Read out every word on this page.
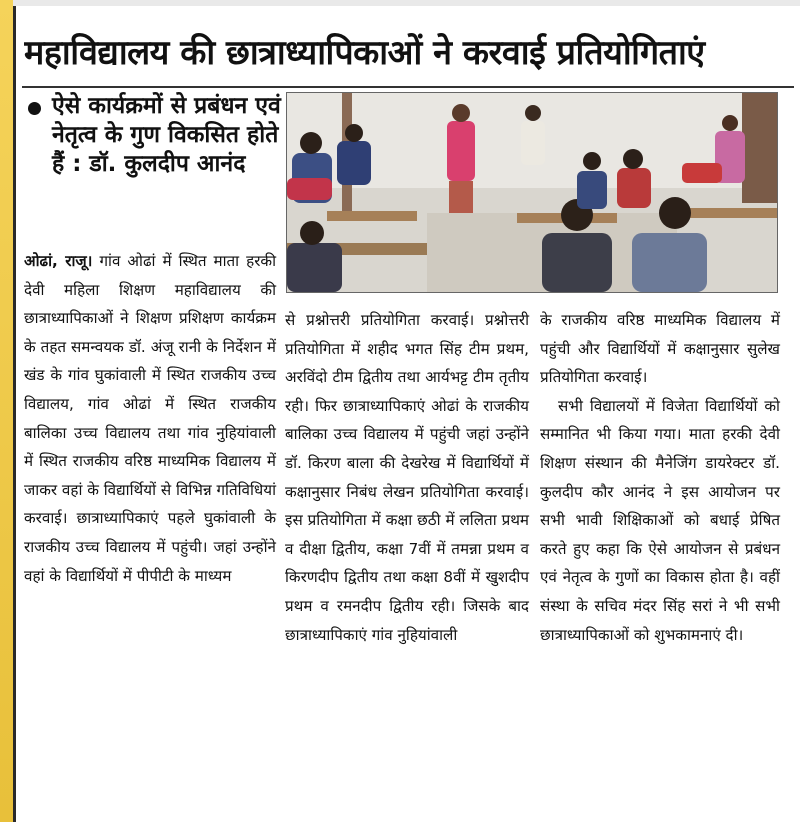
महाविद्यालय की छात्राध्यापिकाओं ने करवाई प्रतियोगिताएं
ऐसे कार्यक्रमों से प्रबंधन एवं नेतृत्व के गुण विकसित होते हैं : डॉ. कुलदीप आनंद

ओढां, राजू। गांव ओढां में स्थित माता हरकी देवी महिला शिक्षण महाविद्यालय की छात्राध्यापिकाओं ने शिक्षण प्रशिक्षण कार्यक्रम के तहत समन्वयक डॉ. अंजू रानी के निर्देशन में खंड के गांव घुकांवाली में स्थित राजकीय उच्च विद्यालय, गांव ओढां में स्थित राजकीय बालिका उच्च विद्यालय तथा गांव नुहियांवाली में स्थित राजकीय वरिष्ठ माध्यमिक विद्यालय में जाकर वहां के विद्यार्थियों से विभिन्न गतिविधियां करवाई। छात्राध्यापिकाएं पहले घुकांवाली के राजकीय उच्च विद्यालय में पहुंची। जहां उन्होंने वहां के विद्यार्थियों में पीपीटी के माध्यम

से प्रश्नोत्तरी प्रतियोगिता करवाई। प्रश्नोत्तरी प्रतियोगिता में शहीद भगत सिंह टीम प्रथम, अरविंदो टीम द्वितीय तथा आर्यभट्ट टीम तृतीय रही। फिर छात्राध्यापिकाएं ओढां के राजकीय बालिका उच्च विद्यालय में पहुंची जहां उन्होंने डॉ. किरण बाला की देखरेख में विद्यार्थियों में कक्षानुसार निबंध लेखन प्रतियोगिता करवाई। इस प्रतियोगिता में कक्षा छठी में ललिता प्रथम व दीक्षा द्वितीय, कक्षा 7वीं में तमन्ना प्रथम व किरणदीप द्वितीय तथा कक्षा 8वीं में खुशदीप प्रथम व रमनदीप द्वितीय रही। जिसके बाद छात्राध्यापिकाएं गांव नुहियांवाली

के राजकीय वरिष्ठ माध्यमिक विद्यालय में पहुंची और विद्यार्थियों में कक्षानुसार सुलेख प्रतियोगिता करवाई।

सभी विद्यालयों में विजेता विद्यार्थियों को सम्मानित भी किया गया। माता हरकी देवी शिक्षण संस्थान की मैनेजिंग डायरेक्टर डॉ. कुलदीप कौर आनंद ने इस आयोजन पर सभी भावी शिक्षिकाओं को बधाई प्रेषित करते हुए कहा कि ऐसे आयोजन से प्रबंधन एवं नेतृत्व के गुणों का विकास होता है। वहीं संस्था के सचिव मंदर सिंह सरां ने भी सभी छात्राध्यापिकाओं को शुभकामनाएं दी।
